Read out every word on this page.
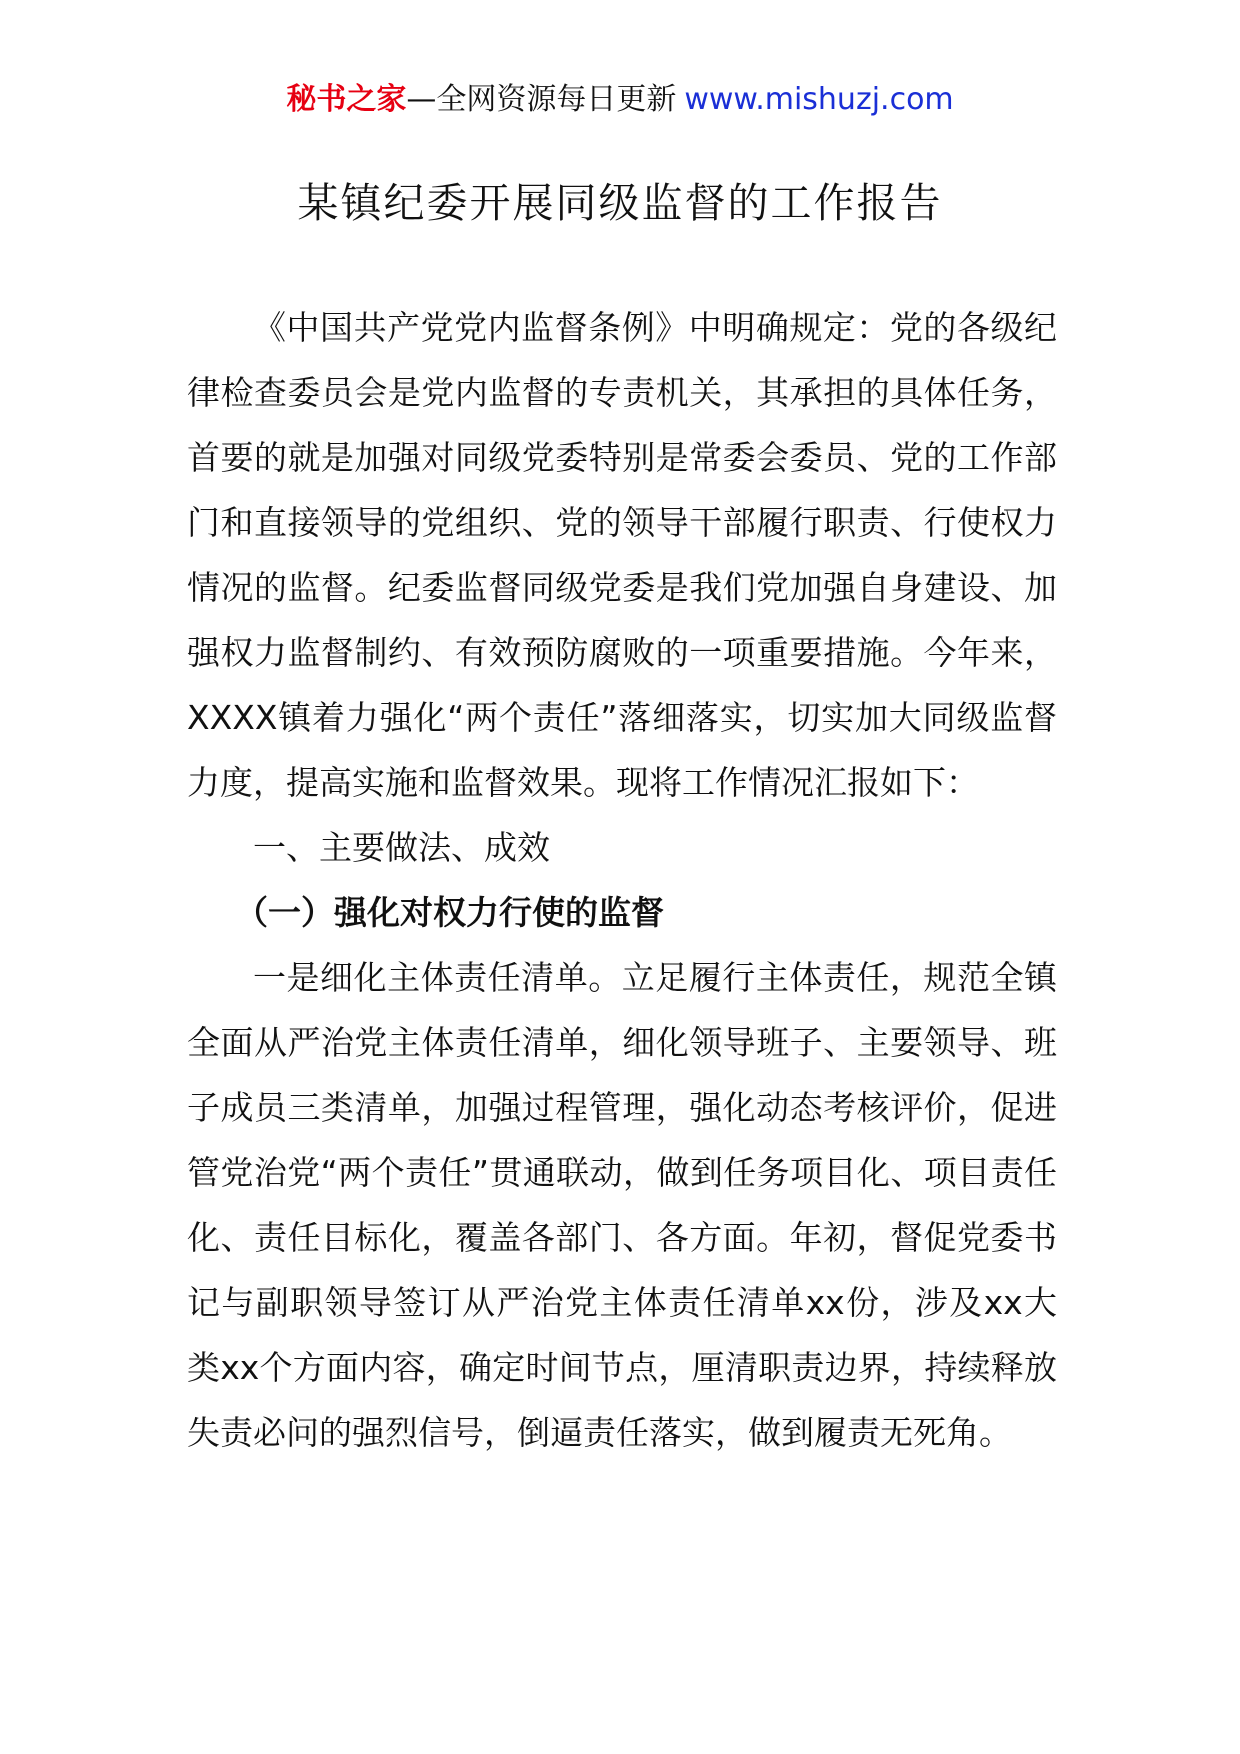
秘书之家—全网资源每日更新 www.mishuzj.com
某镇纪委开展同级监督的工作报告

《中国共产党党内监督条例》中明确规定：党的各级纪律检查委员会是党内监督的专责机关，其承担的具体任务，首要的就是加强对同级党委特别是常委会委员、党的工作部门和直接领导的党组织、党的领导干部履行职责、行使权力情况的监督。纪委监督同级党委是我们党加强自身建设、加强权力监督制约、有效预防腐败的一项重要措施。今年来，XXXX镇着力强化“两个责任”落细落实，切实加大同级监督力度，提高实施和监督效果。现将工作情况汇报如下：

一、主要做法、成效

（一）强化对权力行使的监督

一是细化主体责任清单。立足履行主体责任，规范全镇全面从严治党主体责任清单，细化领导班子、主要领导、班子成员三类清单，加强过程管理，强化动态考核评价，促进管党治党“两个责任”贯通联动，做到任务项目化、项目责任化、责任目标化，覆盖各部门、各方面。年初，督促党委书记与副职领导签订从严治党主体责任清单xx份，涉及xx大类xx个方面内容，确定时间节点，厘清职责边界，持续释放失责必问的强烈信号，倒逼责任落实，做到履责无死角。
